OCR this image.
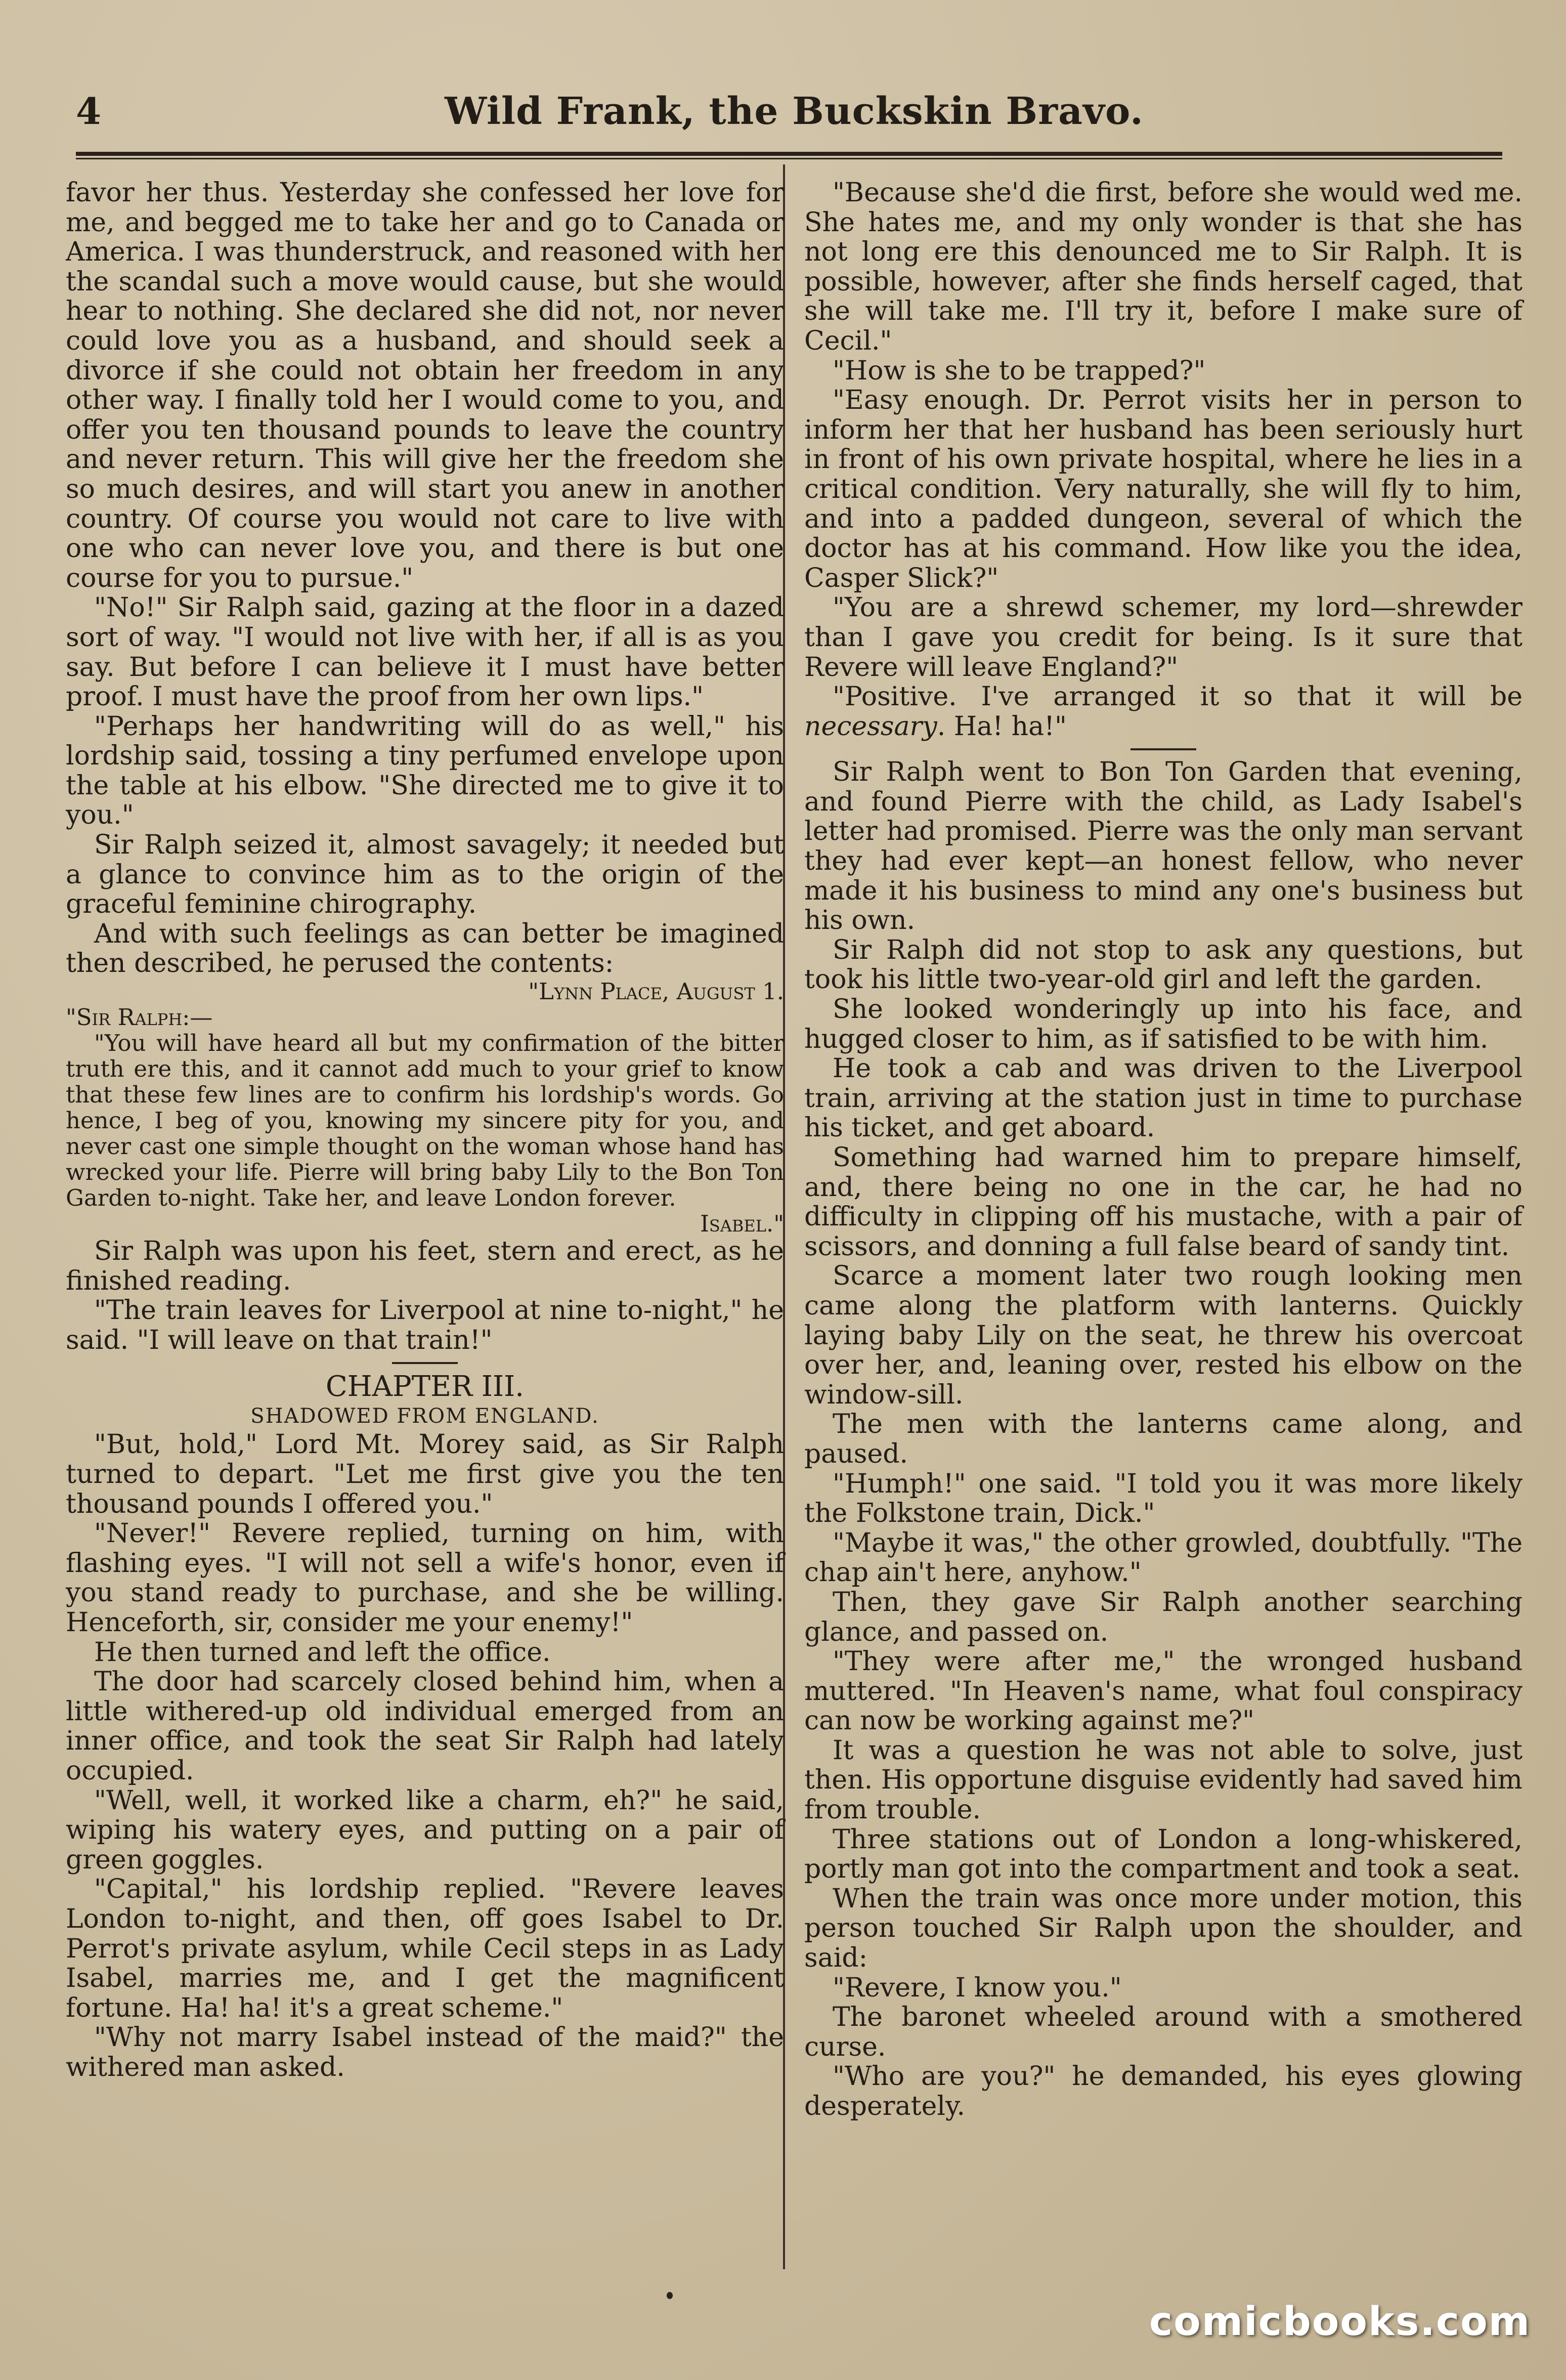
4	Wild Frank, the Buckskin Bravo.

favor her thus. Yesterday she confessed her love for me, and begged me to take her and go to Canada or America. I was thunderstruck, and reasoned with her the scandal such a move would cause, but she would hear to nothing. She declared she did not, nor never could love you as a husband, and should seek a divorce if she could not obtain her freedom in any other way. I finally told her I would come to you, and offer you ten thousand pounds to leave the country and never return. This will give her the freedom she so much desires, and will start you anew in another country. Of course you would not care to live with one who can never love you, and there is but one course for you to pursue."

"No!" Sir Ralph said, gazing at the floor in a dazed sort of way. "I would not live with her, if all is as you say. But before I can believe it I must have better proof. I must have the proof from her own lips."

"Perhaps her handwriting will do as well," his lordship said, tossing a tiny perfumed envelope upon the table at his elbow. "She directed me to give it to you."

Sir Ralph seized it, almost savagely; it needed but a glance to convince him as to the origin of the graceful feminine chirography.

And with such feelings as can better be imagined then described, he perused the contents:

"Lynn Place, August 1.

"Sir Ralph:—

"You will have heard all but my confirmation of the bitter truth ere this, and it cannot add much to your grief to know that these few lines are to confirm his lordship's words. Go hence, I beg of you, knowing my sincere pity for you, and never cast one simple thought on the woman whose hand has wrecked your life. Pierre will bring baby Lily to the Bon Ton Garden to-night. Take her, and leave London forever.
Isabel."

Sir Ralph was upon his feet, stern and erect, as he finished reading.

"The train leaves for Liverpool at nine to-night," he said. "I will leave on that train!"

CHAPTER III.

SHADOWED FROM ENGLAND.

"But, hold," Lord Mt. Morey said, as Sir Ralph turned to depart. "Let me first give you the ten thousand pounds I offered you."

"Never!" Revere replied, turning on him, with flashing eyes. "I will not sell a wife's honor, even if you stand ready to purchase, and she be willing. Henceforth, sir, consider me your enemy!"

He then turned and left the office.

The door had scarcely closed behind him, when a little withered-up old individual emerged from an inner office, and took the seat Sir Ralph had lately occupied.

"Well, well, it worked like a charm, eh?" he said, wiping his watery eyes, and putting on a pair of green goggles.

"Capital," his lordship replied. "Revere leaves London to-night, and then, off goes Isabel to Dr. Perrot's private asylum, while Cecil steps in as Lady Isabel, marries me, and I get the magnificent fortune. Ha! ha! it's a great scheme."

"Why not marry Isabel instead of the maid?" the withered man asked.

"Because she'd die first, before she would wed me. She hates me, and my only wonder is that she has not long ere this denounced me to Sir Ralph. It is possible, however, after she finds herself caged, that she will take me. I'll try it, before I make sure of Cecil."

"How is she to be trapped?"

"Easy enough. Dr. Perrot visits her in person to inform her that her husband has been seriously hurt in front of his own private hospital, where he lies in a critical condition. Very naturally, she will fly to him, and into a padded dungeon, several of which the doctor has at his command. How like you the idea, Casper Slick?"

"You are a shrewd schemer, my lord—shrewder than I gave you credit for being. Is it sure that Revere will leave England?"

"Positive. I've arranged it so that it will be necessary. Ha! ha!"

Sir Ralph went to Bon Ton Garden that evening, and found Pierre with the child, as Lady Isabel's letter had promised. Pierre was the only man servant they had ever kept—an honest fellow, who never made it his business to mind any one's business but his own.

Sir Ralph did not stop to ask any questions, but took his little two-year-old girl and left the garden.

She looked wonderingly up into his face, and hugged closer to him, as if satisfied to be with him.

He took a cab and was driven to the Liverpool train, arriving at the station just in time to purchase his ticket, and get aboard.

Something had warned him to prepare himself, and, there being no one in the car, he had no difficulty in clipping off his mustache, with a pair of scissors, and donning a full false beard of sandy tint.

Scarce a moment later two rough looking men came along the platform with lanterns. Quickly laying baby Lily on the seat, he threw his overcoat over her, and, leaning over, rested his elbow on the window-sill.

The men with the lanterns came along, and paused.

"Humph!" one said. "I told you it was more likely the Folkstone train, Dick."

"Maybe it was," the other growled, doubtfully. "The chap ain't here, anyhow."

Then, they gave Sir Ralph another searching glance, and passed on.

"They were after me," the wronged husband muttered. "In Heaven's name, what foul conspiracy can now be working against me?"

It was a question he was not able to solve, just then. His opportune disguise evidently had saved him from trouble.

Three stations out of London a long-whiskered, portly man got into the compartment and took a seat.

When the train was once more under motion, this person touched Sir Ralph upon the shoulder, and said:

"Revere, I know you."

The baronet wheeled around with a smothered curse.

"Who are you?" he demanded, his eyes glowing desperately.

comicbooks.com
